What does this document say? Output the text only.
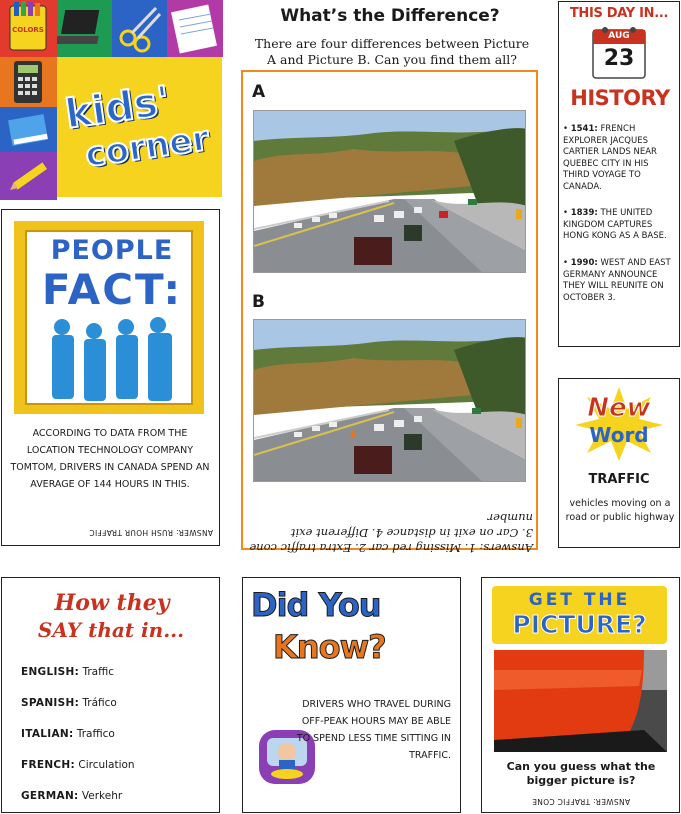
COLORS
kids'
corner
What’s the Difference?
There are four differences between Picture A and Picture B. Can you find them all?
A
B
Answers: 1. Missing red car 2. Extra traffic cone 3. Car on exit in distance 4. Different exit number
THIS DAY IN...
AUG
23
HISTORY
• 1541: FRENCH EXPLORER JACQUES CARTIER LANDS NEAR QUEBEC CITY IN HIS THIRD VOYAGE TO CANADA.
• 1839: THE UNITED KINGDOM CAPTURES HONG KONG AS A BASE.
• 1990: WEST AND EAST GERMANY ANNOUNCE THEY WILL REUNITE ON OCTOBER 3.
PEOPLE
FACT:
ACCORDING TO DATA FROM THE LOCATION TECHNOLOGY COMPANY TOMTOM, DRIVERS IN CANADA SPEND AN AVERAGE OF 144 HOURS IN THIS.
ANSWER: RUSH HOUR TRAFFIC
New
Word
TRAFFIC
vehicles moving on a road or public highway
How they
SAY that in...
ENGLISH: Traffic
SPANISH: Tráfico
ITALIAN: Traffico
FRENCH: Circulation
GERMAN: Verkehr
Did You
Know?
DRIVERS WHO TRAVEL DURING OFF-PEAK HOURS MAY BE ABLE TO SPEND LESS TIME SITTING IN TRAFFIC.
GET THE
PICTURE?
Can you guess what the bigger picture is?
ANSWER: TRAFFIC CONE
